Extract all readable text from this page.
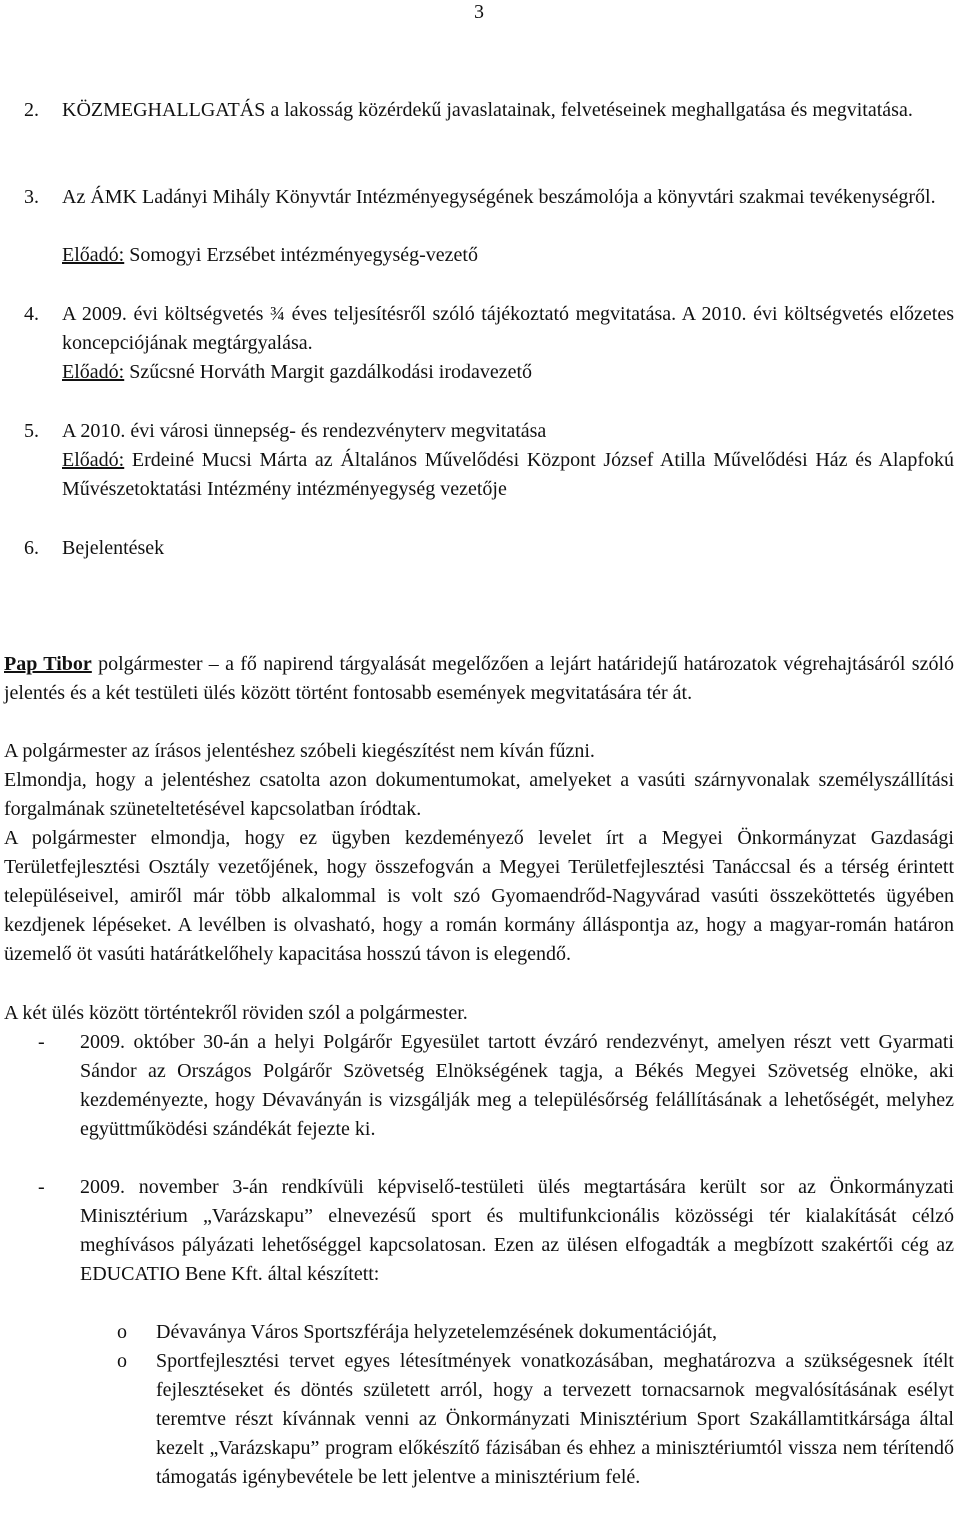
3
2. KÖZMEGHALLGATÁS a lakosság közérdekű javaslatainak, felvetéseinek meghallgatása és megvitatása.
3. Az ÁMK Ladányi Mihály Könyvtár Intézményegységének beszámolója a könyvtári szakmai tevékenységről.
Előadó: Somogyi Erzsébet intézményegység-vezető
4. A 2009. évi költségvetés ¾ éves teljesítésről szóló tájékoztató megvitatása. A 2010. évi költségvetés előzetes koncepciójának megtárgyalása.
Előadó: Szűcsné Horváth Margit gazdálkodási irodavezető
5. A 2010. évi városi ünnepség- és rendezvényterv megvitatása
Előadó: Erdeiné Mucsi Márta az Általános Művelődési Központ József Atilla Művelődési Ház és Alapfokú Művészetoktatási Intézmény intézményegység vezetője
6. Bejelentések
Pap Tibor polgármester – a fő napirend tárgyalását megelőzően a lejárt határidejű határozatok végrehajtásáról szóló jelentés és a két testületi ülés között történt fontosabb események megvitatására tér át.
A polgármester az írásos jelentéshez szóbeli kiegészítést nem kíván fűzni.
Elmondja, hogy a jelentéshez csatolta azon dokumentumokat, amelyeket a vasúti szárnyvonalak személyszállítási forgalmának szüneteltetésével kapcsolatban íródtak.
A polgármester elmondja, hogy ez ügyben kezdeményező levelet írt a Megyei Önkormányzat Gazdasági Területfejlesztési Osztály vezetőjének, hogy összefogván a Megyei Területfejlesztési Tanáccsal és a térség érintett településeivel, amiről már több alkalommal is volt szó Gyomaendrőd-Nagyvárad vasúti összeköttetés ügyében kezdjenek lépéseket. A levélben is olvasható, hogy a román kormány álláspontja az, hogy a magyar-román határon üzemelő öt vasúti határátkelőhely kapacitása hosszú távon is elegendő.
A két ülés között történtekről röviden szól a polgármester.
- 2009. október 30-án a helyi Polgárőr Egyesület tartott évzáró rendezvényt, amelyen részt vett Gyarmati Sándor az Országos Polgárőr Szövetség Elnökségének tagja, a Békés Megyei Szövetség elnöke, aki kezdeményezte, hogy Dévaványán is vizsgálják meg a településőrség felállításának a lehetőségét, melyhez együttműködési szándékát fejezte ki.
- 2009. november 3-án rendkívüli képviselő-testületi ülés megtartására került sor az Önkormányzati Minisztérium „Varázskapu” elnevezésű sport és multifunkcionális közösségi tér kialakítását célzó meghívásos pályázati lehetőséggel kapcsolatosan. Ezen az ülésen elfogadták a megbízott szakértői cég az EDUCATIO Bene Kft. által készített:
o Dévaványa Város Sportszférája helyzetelemzésének dokumentációját,
o Sportfejlesztési tervet egyes létesítmények vonatkozásában, meghatározva a szükségesnek ítélt fejlesztéseket és döntés született arról, hogy a tervezett tornacsarnok megvalósításának esélyt teremtve részt kívánnak venni az Önkormányzati Minisztérium Sport Szakállamtitkársága által kezelt „Varázskapu” program előkészítő fázisában és ehhez a minisztériumtól vissza nem térítendő támogatás igénybevétele be lett jelentve a minisztérium felé.
